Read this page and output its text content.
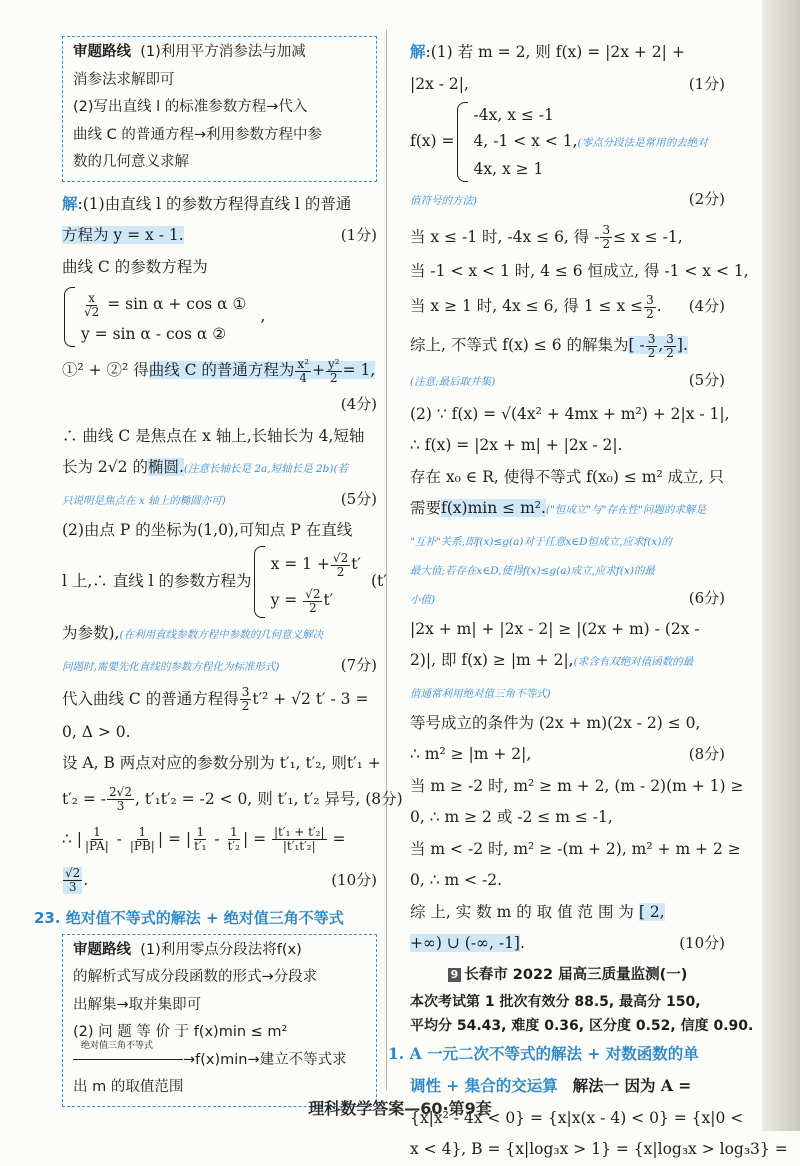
审题路线 (1)利用平方消参法与加减

消参法求解即可

(2)写出直线 l 的标准参数方程→代入

曲线 C 的普通方程→利用参数方程中参

数的几何意义求解

解:(1)由直线 l 的参数方程得直线 l 的普通

方程为 y = x - 1.	(1分)

曲线 C 的参数方程为

$\frac{x}{√2} = \sin \alpha + \cos \alpha$ ①

y = sin α - cos α ②

,

①² + ②² 得曲线 C 的普通方程为 $\frac{\text{x²}}{4} + \frac{\text{y²}}{2} = 1$,

(4分)

∴ 曲线 C 是焦点在 x 轴上,长轴长为 4,短轴

长为 2√2 的椭圆.(注意长轴长是 2a,短轴长是 2b)(若

只说明是焦点在 x 轴上的椭圆亦可)	(5分)

(2)由点 P 的坐标为(1,0),可知点 P 在直线

l 上,∴ 直线 l 的参数方程为

$x = 1 + \frac{√2}{2} t'$

$y = \frac{√2}{2} t'$

(t′

为参数),(在利用直线参数方程中参数的几何意义解决

问题时,需要先化直线的参数方程化为标准形式)	(7分)

代入曲线 C 的普通方程得 $\frac{3}{2} t'^2 + √2$ t′ - 3 =

0, Δ > 0.

设 A, B 两点对应的参数分别为 t′₁, t′₂, 则t′₁ +

t′₂ = - $\frac{2√2}{3}$ , t′₁t′₂ = -2 < 0, 则 t′₁, t′₂ 异号, (8分)

∴ | $\frac{1}{|PA|} - \frac{1}{|PB|}$ | = | $\frac{1}{\text{t′₁}} - \frac{1}{\text{t′₂}}$ | = $\frac{\text{|t′₁ + t′₂|}}{\text{|t′₁t′₂|}}$ =

$\frac{√2}{3}$ .	(10分)

23. 绝对值不等式的解法 + 绝对值三角不等式

审题路线 (1)利用零点分段法将f(x)

的解析式写成分段函数的形式→分段求

出解集→取并集即可

(2) 问 题 等 价 于 f(x)min ≤ m²

绝对值三角不等式
→f(x)min→建立不等式求

出 m 的取值范围

解:(1) 若 m = 2, 则 f(x) = |2x + 2| +

|2x - 2|,	(1分)

f(x) =

-4x, x ≤ -1

4, -1 < x < 1,(零点分段法是常用的去绝对

4x, x ≥ 1

值符号的方法)	(2分)

当 x ≤ -1 时, -4x ≤ 6, 得 - $\frac{3}{2} \le x \le -1$,

当 -1 < x < 1 时, 4 ≤ 6 恒成立, 得 -1 < x < 1,

当 x ≥ 1 时, 4x ≤ 6, 得 $1 \le x \le \frac{3}{2}$ . (4分)

综上, 不等式 f(x) ≤ 6 的解集为[ - $\frac{3}{2}$ , $\frac{3}{2}$ ].

(注意:最后取并集)	(5分)

(2) ∵ f(x) = √(4x² + 4mx + m²) + 2|x - 1|,

∴ f(x) = |2x + m| + |2x - 2|.

存在 x₀ ∈ R, 使得不等式 f(x₀) ≤ m² 成立, 只

需要f(x)min ≤ m².("恒成立"与"存在性"问题的求解是

"互补"关系,即f(x)≤g(a)对于任意x∈D恒成立,应求f(x)的

最大值;若存在x∈D,使得f(x)≤g(a)成立,应求f(x)的最

小值)	(6分)

|2x + m| + |2x - 2| ≥ |(2x + m) - (2x -

2)|, 即 f(x) ≥ |m + 2|,(求含有双绝对值函数的最

值通常利用绝对值三角不等式)

等号成立的条件为 (2x + m)(2x - 2) ≤ 0,

∴ m² ≥ |m + 2|,	(8分)

当 m ≥ -2 时, m² ≥ m + 2, (m - 2)(m + 1) ≥

0, ∴ m ≥ 2 或 -2 ≤ m ≤ -1,

当 m < -2 时, m² ≥ -(m + 2), m² + m + 2 ≥

0, ∴ m < -2.

综 上, 实 数 m 的 取 值 范 围 为 [ 2,

+∞) ∪ (-∞, -1].	(10分)

9 长春市 2022 届高三质量监测(一)

本次考试第 1 批次有效分 88.5, 最高分 150,

平均分 54.43, 难度 0.36, 区分度 0.52, 信度 0.90.

1. A 一元二次不等式的解法 + 对数函数的单

调性 + 集合的交运算 解法一 因为 A =

{x|x² - 4x < 0} = {x|x(x - 4) < 0} = {x|0 <

x < 4}, B = {x|log₃x > 1} = {x|log₃x > log₃3} =

理科数学答案—60·第9套
